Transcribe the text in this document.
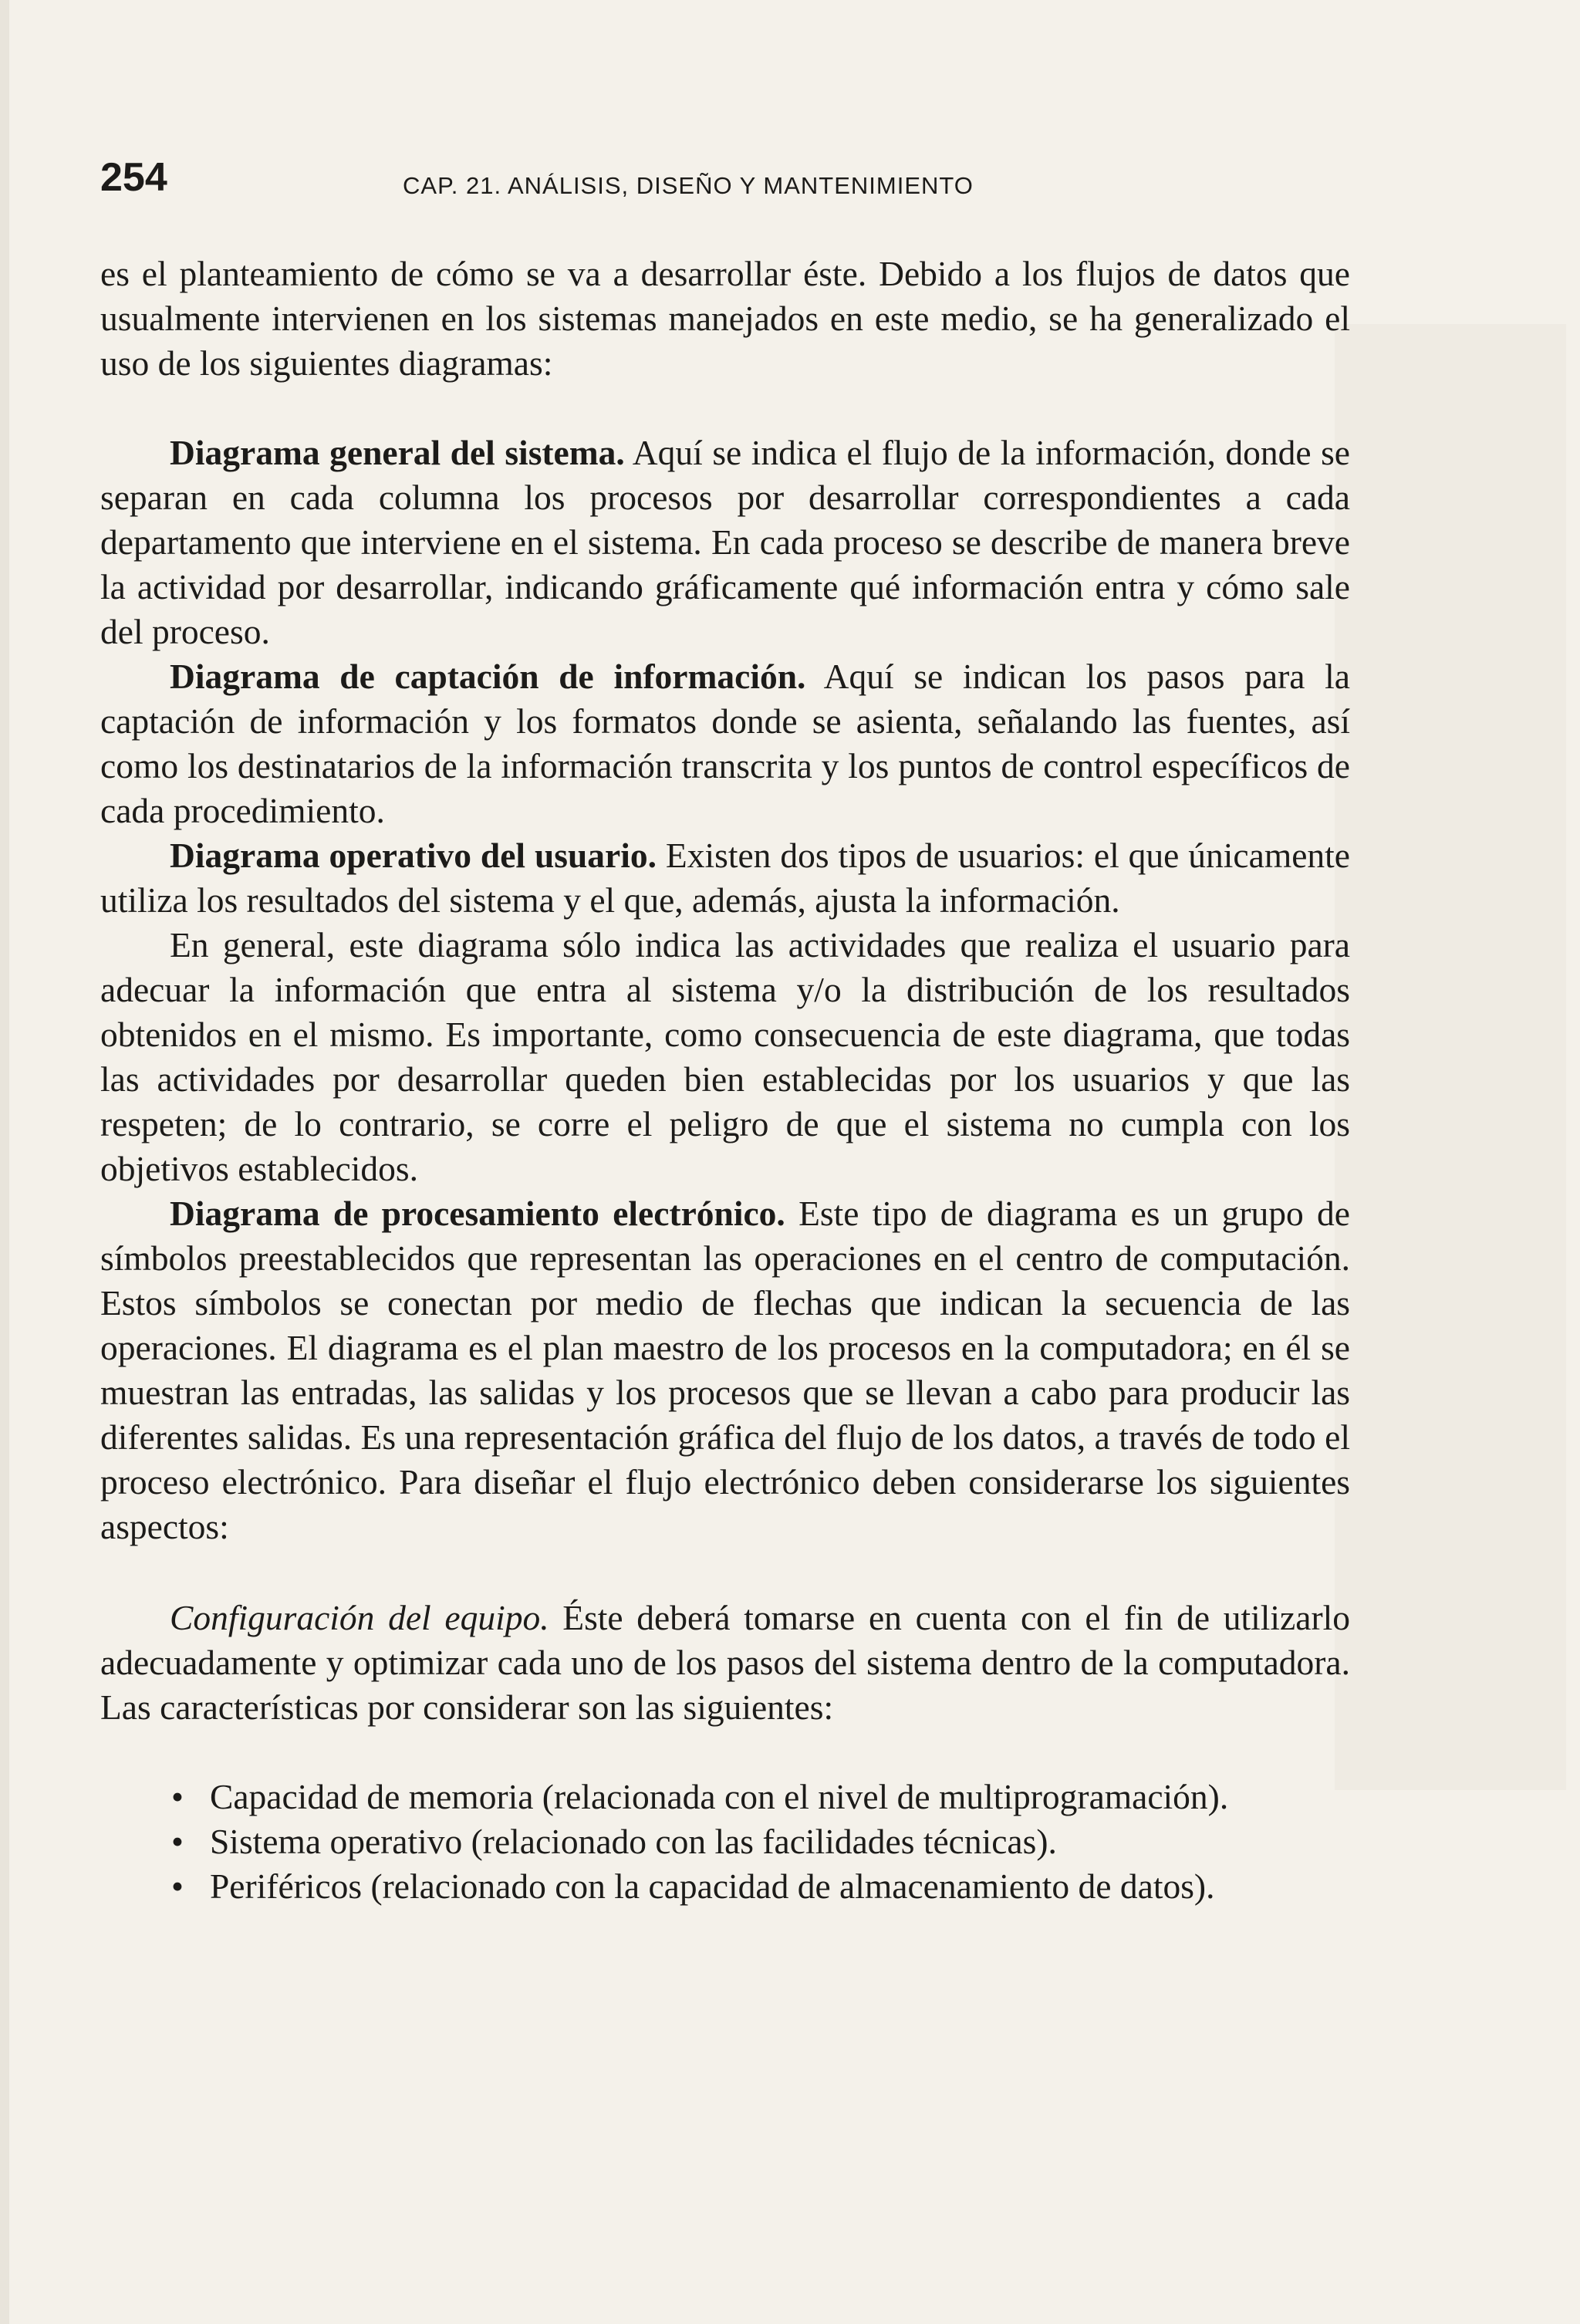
254	CAP. 21. ANÁLISIS, DISEÑO Y MANTENIMIENTO

es el planteamiento de cómo se va a desarrollar éste. Debido a los flujos de datos que usualmente intervienen en los sistemas manejados en este medio, se ha generalizado el uso de los siguientes diagramas:

Diagrama general del sistema. Aquí se indica el flujo de la información, donde se separan en cada columna los procesos por desarrollar correspondientes a cada departamento que interviene en el sistema. En cada proceso se describe de manera breve la actividad por desarrollar, indicando gráficamente qué información entra y cómo sale del proceso.

Diagrama de captación de información. Aquí se indican los pasos para la captación de información y los formatos donde se asienta, señalando las fuentes, así como los destinatarios de la información transcrita y los puntos de control específicos de cada procedimiento.

Diagrama operativo del usuario. Existen dos tipos de usuarios: el que únicamente utiliza los resultados del sistema y el que, además, ajusta la información.

En general, este diagrama sólo indica las actividades que realiza el usuario para adecuar la información que entra al sistema y/o la distribución de los resultados obtenidos en el mismo. Es importante, como consecuencia de este diagrama, que todas las actividades por desarrollar queden bien establecidas por los usuarios y que las respeten; de lo contrario, se corre el peligro de que el sistema no cumpla con los objetivos establecidos.

Diagrama de procesamiento electrónico. Este tipo de diagrama es un grupo de símbolos preestablecidos que representan las operaciones en el centro de computación. Estos símbolos se conectan por medio de flechas que indican la secuencia de las operaciones. El diagrama es el plan maestro de los procesos en la computadora; en él se muestran las entradas, las salidas y los procesos que se llevan a cabo para producir las diferentes salidas. Es una representación gráfica del flujo de los datos, a través de todo el proceso electrónico. Para diseñar el flujo electrónico deben considerarse los siguientes aspectos:

Configuración del equipo. Éste deberá tomarse en cuenta con el fin de utilizarlo adecuadamente y optimizar cada uno de los pasos del sistema dentro de la computadora. Las características por considerar son las siguientes:

• Capacidad de memoria (relacionada con el nivel de multiprogramación).
• Sistema operativo (relacionado con las facilidades técnicas).
• Periféricos (relacionado con la capacidad de almacenamiento de datos).
